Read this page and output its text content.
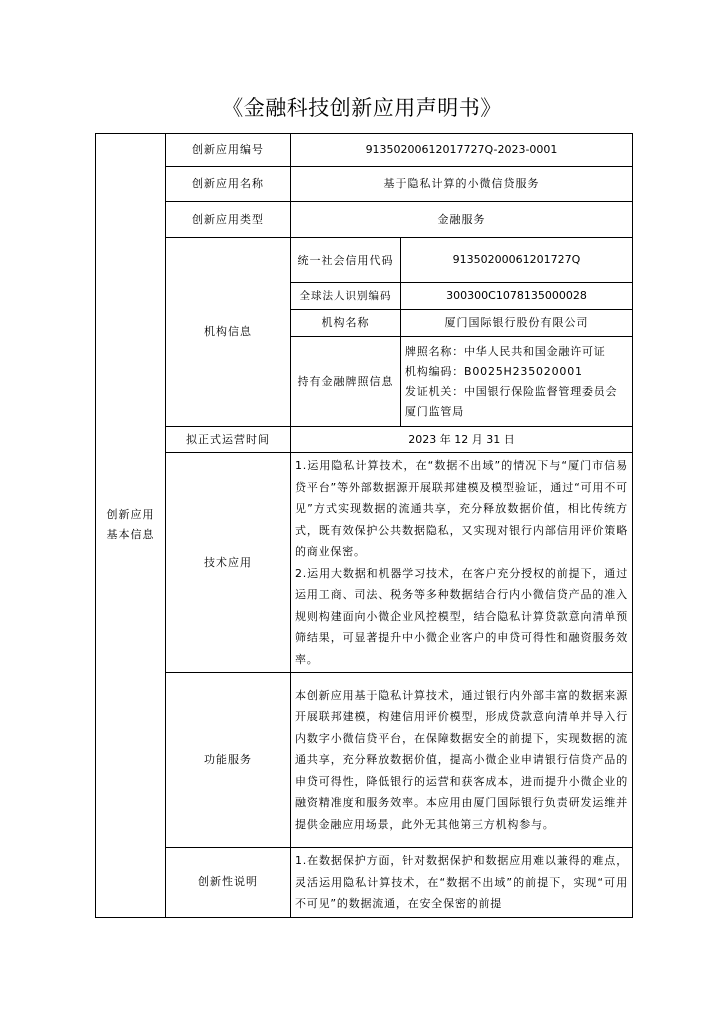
《金融科技创新应用声明书》
创新应用基本信息	创新应用编号	91350200612017727Q-2023-0001	
	创新应用名称	基于隐私计算的小微信贷服务	
	创新应用类型	金融服务	
	机构信息	统一社会信用代码	91350200061201727Q
		全球法人识别编码	300300C1078135000028
		机构名称	厦门国际银行股份有限公司
		持有金融牌照信息	牌照名称：中华人民共和国金融许可证
机构编码：B0025H235020001
发证机关：中国银行保险监督管理委员会厦门监管局

	拟正式运营时间	2023 年 12 月 31 日	
	技术应用	1.运用隐私计算技术，在“数据不出域”的情况下与“厦门市信易贷平台”等外部数据源开展联邦建模及模型验证，通过“可用不可见”方式实现数据的流通共享，充分释放数据价值，相比传统方式，既有效保护公共数据隐私，又实现对银行内部信用评价策略的商业保密。
2.运用大数据和机器学习技术，在客户充分授权的前提下，通过运用工商、司法、税务等多种数据结合行内小微信贷产品的准入规则构建面向小微企业风控模型，结合隐私计算贷款意向清单预筛结果，可显著提升中小微企业客户的申贷可得性和融资服务效率。	

	功能服务	本创新应用基于隐私计算技术，通过银行内外部丰富的数据来源开展联邦建模，构建信用评价模型，形成贷款意向清单并导入行内数字小微信贷平台，在保障数据安全的前提下，实现数据的流通共享，充分释放数据价值，提高小微企业申请银行信贷产品的申贷可得性，降低银行的运营和获客成本，进而提升小微企业的融资精准度和服务效率。本应用由厦门国际银行负责研发运维并提供金融应用场景，此外无其他第三方机构参与。	
	创新性说明	1.在数据保护方面，针对数据保护和数据应用难以兼得的难点，灵活运用隐私计算技术，在“数据不出域”的前提下，实现“可用不可见”的数据流通，在安全保密的前提	
